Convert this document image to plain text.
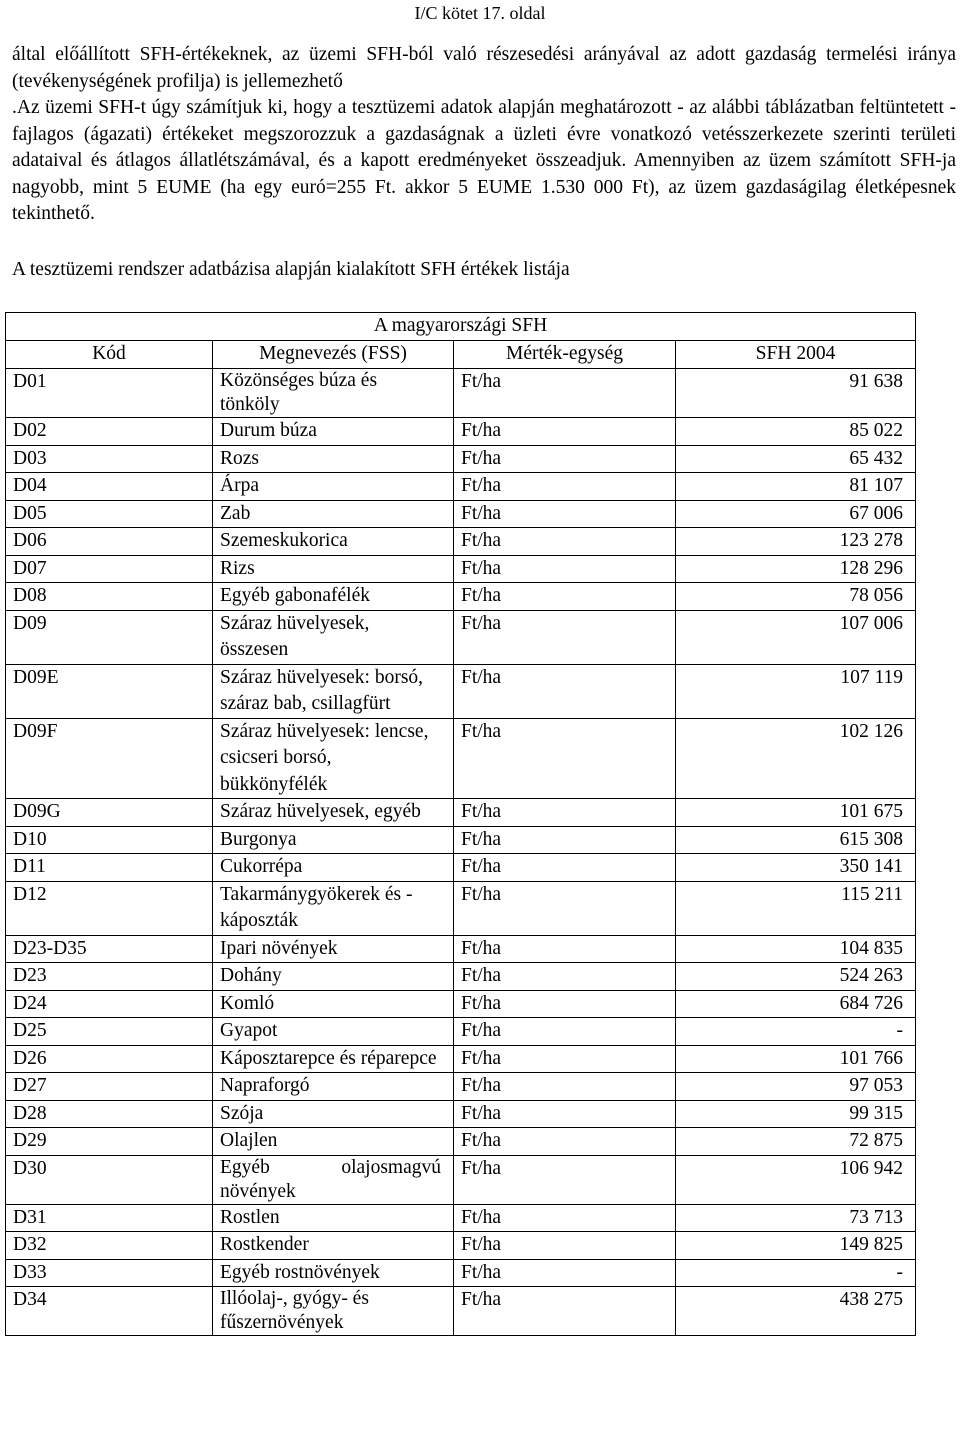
I/C kötet 17. oldal
által előállított SFH-értékeknek, az üzemi SFH-ból való részesedési arányával az adott gazdaság termelési iránya (tevékenységének profilja) is jellemezhető
.Az üzemi SFH-t úgy számítjuk ki, hogy a tesztüzemi adatok alapján meghatározott - az alábbi táblázatban feltüntetett - fajlagos (ágazati) értékeket megszorozzuk a gazdaságnak a üzleti évre vonatkozó vetésszerkezete szerinti területi adataival és átlagos állatlétszámával, és a kapott eredményeket összeadjuk. Amennyiben az üzem számított SFH-ja nagyobb, mint 5 EUME (ha egy euró=255 Ft. akkor 5 EUME 1.530 000 Ft), az üzem gazdaságilag életképesnek tekinthető.
A tesztüzemi rendszer adatbázisa alapján kialakított SFH értékek listája
A magyarországi SFH			
Kód	Megnevezés (FSS)	Mérték-egység	SFH 2004
D01	Közönséges búza és tönköly	Ft/ha	91 638
D02	Durum búza	Ft/ha	85 022
D03	Rozs	Ft/ha	65 432
D04	Árpa	Ft/ha	81 107
D05	Zab	Ft/ha	67 006
D06	Szemeskukorica	Ft/ha	123 278
D07	Rizs	Ft/ha	128 296
D08	Egyéb gabonafélék	Ft/ha	78 056
D09	Száraz hüvelyesek, összesen	Ft/ha	107 006
D09E	Száraz hüvelyesek: borsó, száraz bab, csillagfürt	Ft/ha	107 119
D09F	Száraz hüvelyesek: lencse, csicseri borsó, bükkönyfélék	Ft/ha	102 126
D09G	Száraz hüvelyesek, egyéb	Ft/ha	101 675
D10	Burgonya	Ft/ha	615 308
D11	Cukorrépa	Ft/ha	350 141
D12	Takarmánygyökerek és -káposzták	Ft/ha	115 211
D23-D35	Ipari növények	Ft/ha	104 835
D23	Dohány	Ft/ha	524 263
D24	Komló	Ft/ha	684 726
D25	Gyapot	Ft/ha	-
D26	Káposztarepce és réparepce	Ft/ha	101 766
D27	Napraforgó	Ft/ha	97 053
D28	Szója	Ft/ha	99 315
D29	Olajlen	Ft/ha	72 875
D30	Egyéb olajosmagvú növények	Ft/ha	106 942
D31	Rostlen	Ft/ha	73 713
D32	Rostkender	Ft/ha	149 825
D33	Egyéb rostnövények	Ft/ha	-
D34	Illóolaj-, gyógy- és fűszernövények	Ft/ha	438 275
